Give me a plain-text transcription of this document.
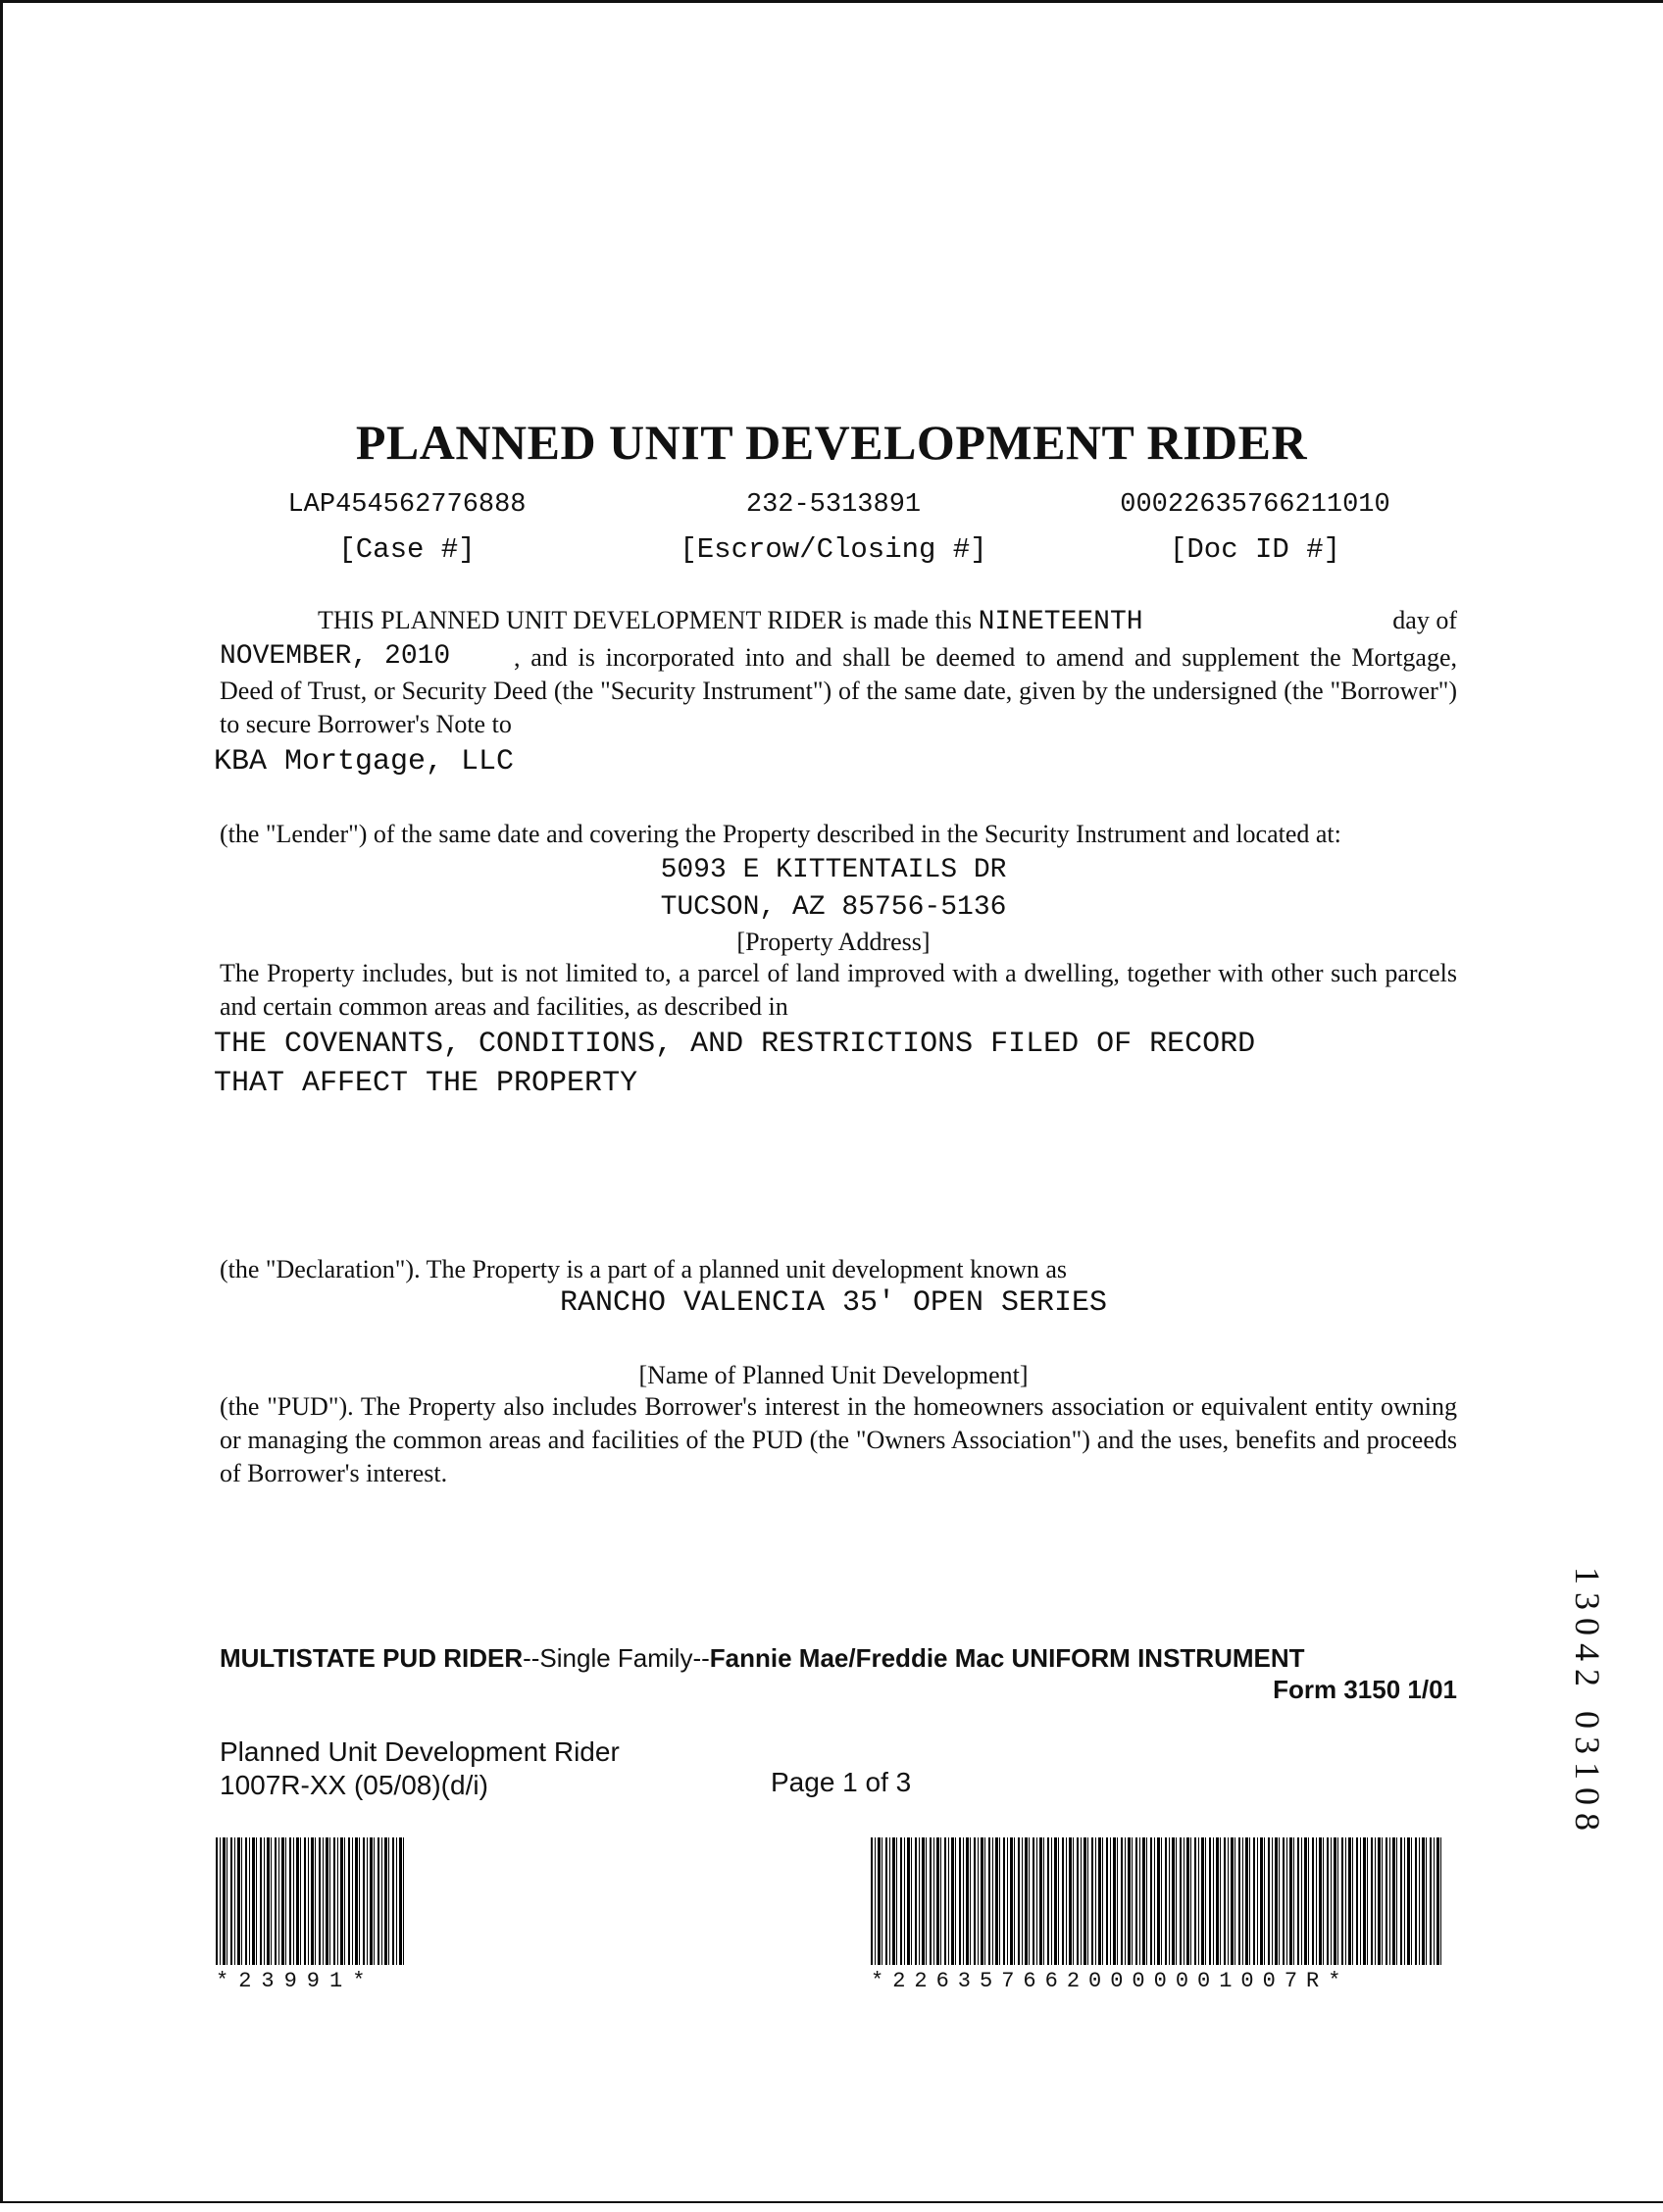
PLANNED UNIT DEVELOPMENT RIDER
LAP454562776888
[Case #]
232-5313891
[Escrow/Closing #]
00022635766211010
[Doc ID #]
THIS PLANNED UNIT DEVELOPMENT RIDER is made this NINETEENTH	day of
NOVEMBER, 2010	, and is incorporated into and shall be deemed to amend and supplement the Mortgage, Deed of Trust, or Security Deed (the "Security Instrument") of the same date, given by the undersigned (the "Borrower") to secure Borrower's Note to
KBA Mortgage, LLC
(the "Lender") of the same date and covering the Property described in the Security Instrument and located at:
5093 E KITTENTAILS DR
TUCSON, AZ 85756-5136
[Property Address]
The Property includes, but is not limited to, a parcel of land improved with a dwelling, together with other such parcels and certain common areas and facilities, as described in
THE COVENANTS, CONDITIONS, AND RESTRICTIONS FILED OF RECORD
THAT AFFECT THE PROPERTY
(the "Declaration"). The Property is a part of a planned unit development known as
RANCHO VALENCIA 35' OPEN SERIES
[Name of Planned Unit Development]
(the "PUD"). The Property also includes Borrower's interest in the homeowners association or equivalent entity owning or managing the common areas and facilities of the PUD (the "Owners Association") and the uses, benefits and proceeds of Borrower's interest.
MULTISTATE PUD RIDER--Single Family--Fannie Mae/Freddie Mac UNIFORM INSTRUMENT
Form 3150 1/01
Planned Unit Development Rider
1007R-XX (05/08)(d/i)	Page 1 of 3
*23991*	*2263576620000001007R*
13042 03108
